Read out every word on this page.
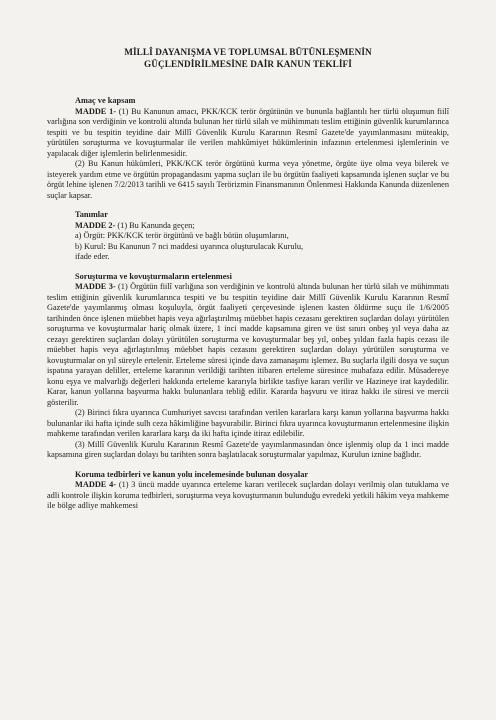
MİLLÎ DAYANIŞMA VE TOPLUMSAL BÜTÜNLEŞMENİN
GÜÇLENDİRİLMESİNE DAİR KANUN TEKLİFİ
Amaç ve kapsam

MADDE 1- (1) Bu Kanunun amacı, PKK/KCK terör örgütünün ve bununla bağlantılı her türlü oluşumun fiilî varlığına son verdiğinin ve kontrolü altında bulunan her türlü silah ve mühimmatı teslim ettiğinin güvenlik kurumlarınca tespiti ve bu tespitin teyidine dair Millî Güvenlik Kurulu Kararının Resmî Gazete'de yayımlanmasını müteakip, yürütülen soruşturma ve kovuşturmalar ile verilen mahkûmiyet hükümlerinin infazının ertelenmesi işlemlerinin ve yapılacak diğer işlemlerin belirlenmesidir.

(2) Bu Kanun hükümleri, PKK/KCK terör örgütünü kurma veya yönetme, örgüte üye olma veya bilerek ve isteyerek yardım etme ve örgütün propagandasını yapma suçları ile bu örgütün faaliyeti kapsamında işlenen suçlar ve bu örgüt lehine işlenen 7/2/2013 tarihli ve 6415 sayılı Terörizmin Finansmanının Önlenmesi Hakkında Kanunda düzenlenen suçlar kapsar.

Tanımlar

MADDE 2- (1) Bu Kanunda geçen;

a) Örgüt: PKK/KCK terör örgütünü ve bağlı bütün oluşumlarını,

b) Kurul: Bu Kanunun 7 nci maddesi uyarınca oluşturulacak Kurulu,

ifade eder.

Soruşturma ve kovuşturmaların ertelenmesi

MADDE 3- (1) Örgütün fiilî varlığına son verdiğinin ve kontrolü altında bulunan her türlü silah ve mühimmatı teslim ettiğinin güvenlik kurumlarınca tespiti ve bu tespitin teyidine dair Millî Güvenlik Kurulu Kararının Resmî Gazete'de yayımlanmış olması koşuluyla, örgüt faaliyeti çerçevesinde işlenen kasten öldürme suçu ile 1/6/2005 tarihinden önce işlenen müebbet hapis veya ağırlaştırılmış müebbet hapis cezasını gerektiren suçlardan dolayı yürütülen soruşturma ve kovuşturmalar hariç olmak üzere, 1 inci madde kapsamına giren ve üst sınırı onbeş yıl veya daha az cezayı gerektiren suçlardan dolayı yürütülen soruşturma ve kovuşturmalar beş yıl, onbeş yıldan fazla hapis cezası ile müebbet hapis veya ağırlaştırılmış müebbet hapis cezasını gerektiren suçlardan dolayı yürütülen soruşturma ve kovuşturmalar on yıl süreyle ertelenir. Erteleme süresi içinde dava zamanaşımı işlemez. Bu suçlarla ilgili dosya ve suçun ispatına yarayan deliller, erteleme kararının verildiği tarihten itibaren erteleme süresince muhafaza edilir. Müsadereye konu eşya ve malvarlığı değerleri hakkında erteleme kararıyla birlikte tasfiye kararı verilir ve Hazineye irat kaydedilir. Karar, kanun yollarına başvurma hakkı bulunanlara tebliğ edilir. Kararda başvuru ve itiraz hakkı ile süresi ve mercii gösterilir.

(2) Birinci fıkra uyarınca Cumhuriyet savcısı tarafından verilen kararlara karşı kanun yollarına başvurma hakkı bulunanlar iki hafta içinde sulh ceza hâkimliğine başvurabilir. Birinci fıkra uyarınca kovuşturmanın ertelenmesine ilişkin mahkeme tarafından verilen kararlara karşı da iki hafta içinde itiraz edilebilir.

(3) Millî Güvenlik Kurulu Kararının Resmî Gazete'de yayımlanmasından önce işlenmiş olup da 1 inci madde kapsamına giren suçlardan dolayı bu tarihten sonra başlatılacak soruşturmalar yapılmaz, Kurulun iznine bağlıdır.

Koruma tedbirleri ve kanun yolu incelemesinde bulunan dosyalar

MADDE 4- (1) 3 üncü madde uyarınca erteleme kararı verilecek suçlardan dolayı verilmiş olan tutuklama ve adli kontrole ilişkin koruma tedbirleri, soruşturma veya kovuşturmanın bulunduğu evredeki yetkili hâkim veya mahkeme ile bölge adliye mahkemesi
